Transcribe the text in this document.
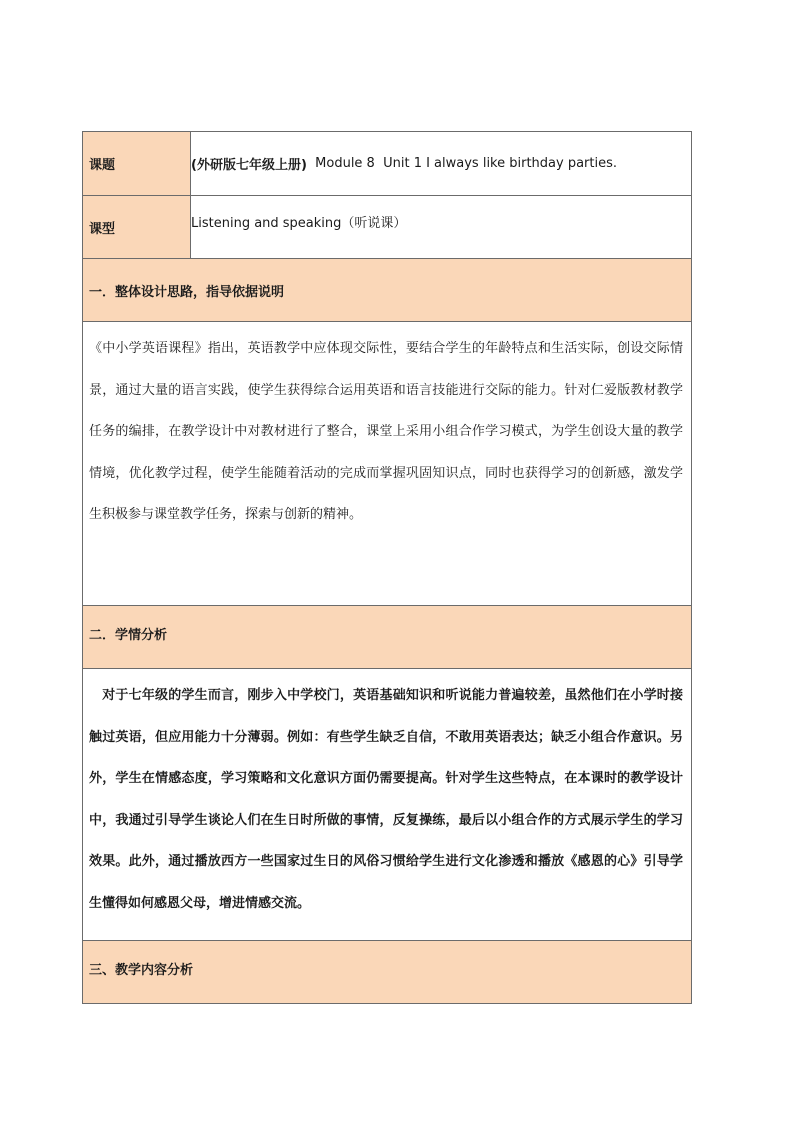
课题	(外研版七年级上册) Module 8  Unit 1 I always like birthday parties.
课型	Listening and speaking（听说课）
一．整体设计思路，指导依据说明
《中小学英语课程》指出，英语教学中应体现交际性，要结合学生的年龄特点和生活实际，创设交际情景，通过大量的语言实践，使学生获得综合运用英语和语言技能进行交际的能力。针对仁爱版教材教学任务的编排，在教学设计中对教材进行了整合，课堂上采用小组合作学习模式，为学生创设大量的教学情境，优化教学过程，使学生能随着活动的完成而掌握巩固知识点，同时也获得学习的创新感，激发学生积极参与课堂教学任务，探索与创新的精神。
二．学情分析
　对于七年级的学生而言，刚步入中学校门，英语基础知识和听说能力普遍较差，虽然他们在小学时接触过英语，但应用能力十分薄弱。例如：有些学生缺乏自信，不敢用英语表达；缺乏小组合作意识。另外，学生在情感态度，学习策略和文化意识方面仍需要提高。针对学生这些特点，在本课时的教学设计中，我通过引导学生谈论人们在生日时所做的事情，反复操练，最后以小组合作的方式展示学生的学习效果。此外，通过播放西方一些国家过生日的风俗习惯给学生进行文化渗透和播放《感恩的心》引导学生懂得如何感恩父母，增进情感交流。
三、教学内容分析
